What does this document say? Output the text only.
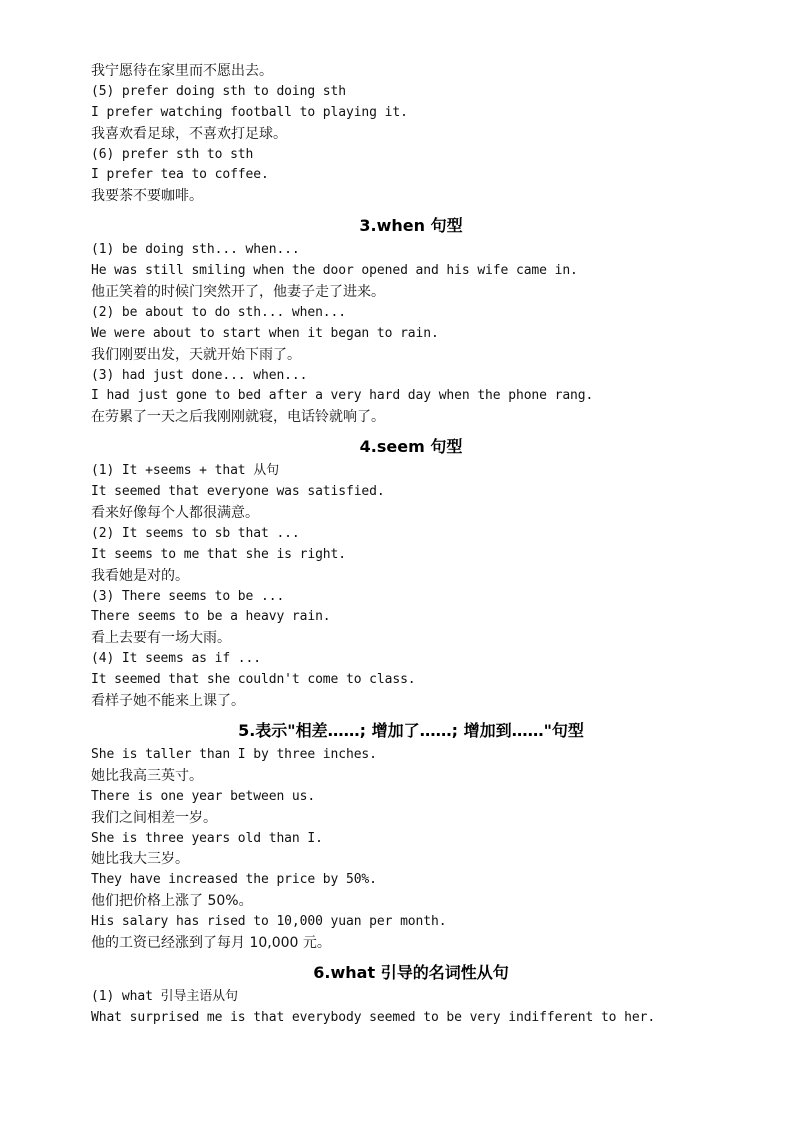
我宁愿待在家里而不愿出去。
(5) prefer doing sth to doing sth
I prefer watching football to playing it.
我喜欢看足球，不喜欢打足球。
(6) prefer sth to sth
I prefer tea to coffee.
我要茶不要咖啡。
3.when 句型
(1) be doing sth... when...
He was still smiling when the door opened and his wife came in.
他正笑着的时候门突然开了，他妻子走了进来。
(2) be about to do sth... when...
We were about to start when it began to rain.
我们刚要出发，天就开始下雨了。
(3) had just done... when...
I had just gone to bed after a very hard day when the phone rang.
在劳累了一天之后我刚刚就寝，电话铃就响了。
4.seem 句型
(1) It +seems + that 从句
It seemed that everyone was satisfied.
看来好像每个人都很满意。
(2) It seems to sb that ...
It seems to me that she is right.
我看她是对的。
(3) There seems to be ...
There seems to be a heavy rain.
看上去要有一场大雨。
(4) It seems as if ...
It seemed that she couldn't come to class.
看样子她不能来上课了。
5.表示"相差……; 增加了……; 增加到……"句型
She is taller than I by three inches.
她比我高三英寸。
There is one year between us.
我们之间相差一岁。
She is three years old than I.
她比我大三岁。
They have increased the price by 50%.
他们把价格上涨了 50%。
His salary has rised to 10,000 yuan per month.
他的工资已经涨到了每月 10,000 元。
6.what 引导的名词性从句
(1) what 引导主语从句
What surprised me is that everybody seemed to be very indifferent to her.
